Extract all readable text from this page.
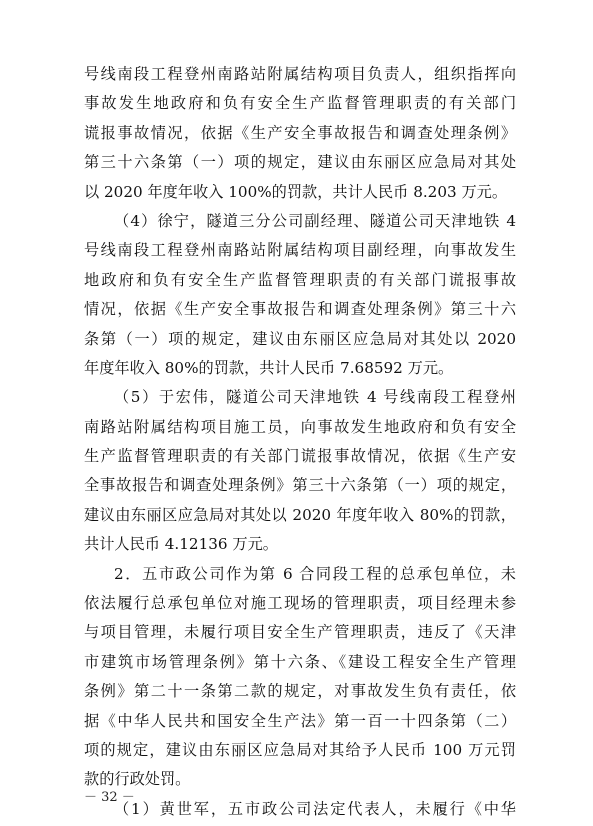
号线南段工程登州南路站附属结构项目负责人，组织指挥向
事故发生地政府和负有安全生产监督管理职责的有关部门
谎报事故情况，依据《生产安全事故报告和调查处理条例》
第三十六条第（一）项的规定，建议由东丽区应急局对其处
以 2020 年度年收入 100%的罚款，共计人民币 8.203 万元。
（4）徐宁，隧道三分公司副经理、隧道公司天津地铁 4
号线南段工程登州南路站附属结构项目副经理，向事故发生
地政府和负有安全生产监督管理职责的有关部门谎报事故
情况，依据《生产安全事故报告和调查处理条例》第三十六
条第（一）项的规定，建议由东丽区应急局对其处以 2020
年度年收入 80%的罚款，共计人民币 7.68592 万元。
（5）于宏伟，隧道公司天津地铁 4 号线南段工程登州
南路站附属结构项目施工员，向事故发生地政府和负有安全
生产监督管理职责的有关部门谎报事故情况，依据《生产安
全事故报告和调查处理条例》第三十六条第（一）项的规定，
建议由东丽区应急局对其处以 2020 年度年收入 80%的罚款，
共计人民币 4.12136 万元。
2．五市政公司作为第 6 合同段工程的总承包单位，未
依法履行总承包单位对施工现场的管理职责，项目经理未参
与项目管理，未履行项目安全生产管理职责，违反了《天津
市建筑市场管理条例》第十六条、《建设工程安全生产管理
条例》第二十一条第二款的规定，对事故发生负有责任，依
据《中华人民共和国安全生产法》第一百一十四条第（二）
项的规定，建议由东丽区应急局对其给予人民币 100 万元罚
款的行政处罚。
（1）黄世军，五市政公司法定代表人，未履行《中华
－ 32 －
